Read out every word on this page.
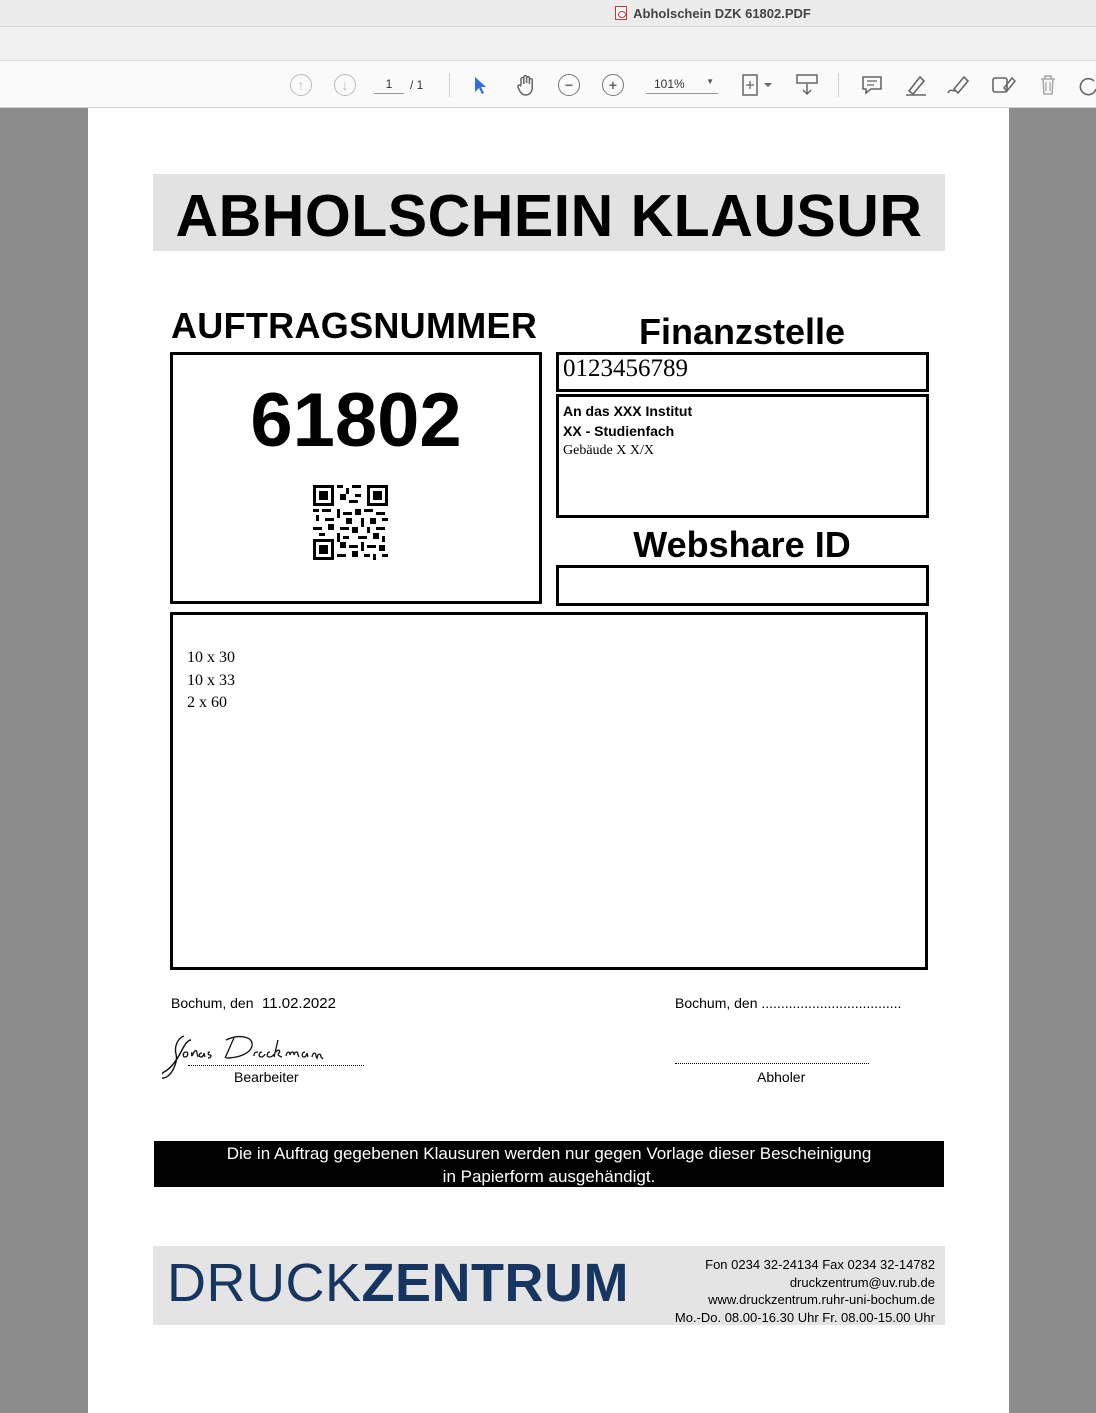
Abholschein DZK 61802.PDF
↑	↓	1	/ 1	−	+	101%	▼
ABHOLSCHEIN KLAUSUR
AUFTRAGSNUMMER
61802
Finanzstelle
0123456789
An das XXX Institut
XX - Studienfach
Gebäude X X/X
Webshare ID
10 x 30
10 x 33
2 x 60
Bochum, den 11.02.2022	Bochum, den ....................................
Bearbeiter	Abholer
Die in Auftrag gegebenen Klausuren werden nur gegen Vorlage dieser Bescheinigung
in Papierform ausgehändigt.
DRUCKZENTRUM	Fon 0234 32-24134 Fax 0234 32-14782
druckzentrum@uv.rub.de
www.druckzentrum.ruhr-uni-bochum.de
Mo.-Do. 08.00-16.30 Uhr Fr. 08.00-15.00 Uhr
